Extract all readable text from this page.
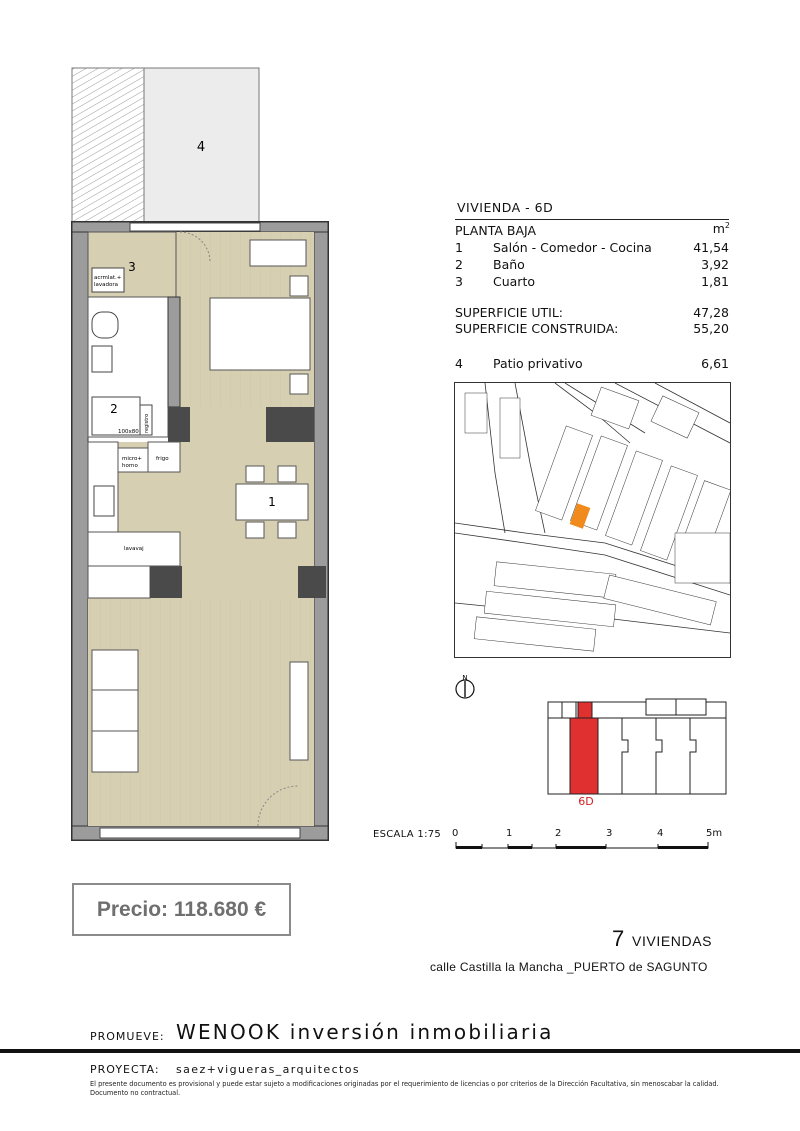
4
3
2
1
acrmlat.+
lavadora
micro+
horno
frigo
lavavaj
100x80 registro
VIVIENDA - 6D
PLANTA BAJA	$m^2$
1 Salón - Comedor - Cocina	41,54
2 Baño	3,92
3 Cuarto	1,81
SUPERFICIE UTIL:	47,28
SUPERFICIE CONSTRUIDA:	55,20
4 Patio privativo	6,61
N
6D
ESCALA 1:75 0	1	2	3	4	5m
Precio: 118.680 €
7 VIVIENDAS
calle Castilla la Mancha _PUERTO de SAGUNTO
PROMUEVE: WENOOK inversión inmobiliaria
PROYECTA: saez+vigueras_arquitectos
El presente documento es provisional y puede estar sujeto a modificaciones originadas por el requerimiento de licencias o por criterios de la Dirección Facultativa, sin menoscabar la calidad. Documento no contractual.
